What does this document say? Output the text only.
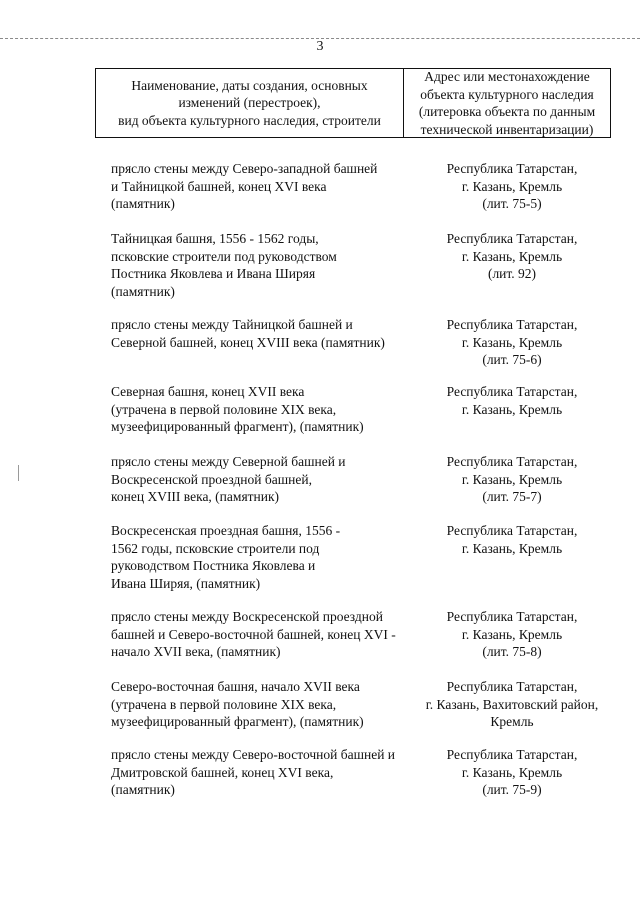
3
Наименование, даты создания, основных
изменений (перестроек),
вид объекта культурного наследия, строители
Адрес или местонахождение
объекта культурного наследия
(литеровка объекта по данным
технической инвентаризации)
прясло стены между Северо-западной башней
и Тайницкой башней, конец XVI века
(памятник)
Республика Татарстан,
г. Казань, Кремль
(лит. 75-5)
Тайницкая башня, 1556 - 1562 годы,
псковские строители под руководством
Постника Яковлева и Ивана Ширяя
(памятник)
Республика Татарстан,
г. Казань, Кремль
(лит. 92)
прясло стены между Тайницкой башней и
Северной башней, конец XVIII века (памятник)
Республика Татарстан,
г. Казань, Кремль
(лит. 75-6)
Северная башня, конец XVII века
(утрачена в первой половине XIX века,
музеефицированный фрагмент), (памятник)
Республика Татарстан,
г. Казань, Кремль
прясло стены между Северной башней и
Воскресенской проездной башней,
конец XVIII века, (памятник)
Республика Татарстан,
г. Казань, Кремль
(лит. 75-7)
Воскресенская проездная башня, 1556 -
1562 годы, псковские строители под
руководством Постника Яковлева и
Ивана Ширяя, (памятник)
Республика Татарстан,
г. Казань, Кремль
прясло стены между Воскресенской проездной
башней и Северо-восточной башней, конец XVI -
начало XVII века, (памятник)
Республика Татарстан,
г. Казань, Кремль
(лит. 75-8)
Северо-восточная башня, начало XVII века
(утрачена в первой половине XIX века,
музеефицированный фрагмент), (памятник)
Республика Татарстан,
г. Казань, Вахитовский район,
Кремль
прясло стены между Северо-восточной башней и
Дмитровской башней, конец XVI века,
(памятник)
Республика Татарстан,
г. Казань, Кремль
(лит. 75-9)
